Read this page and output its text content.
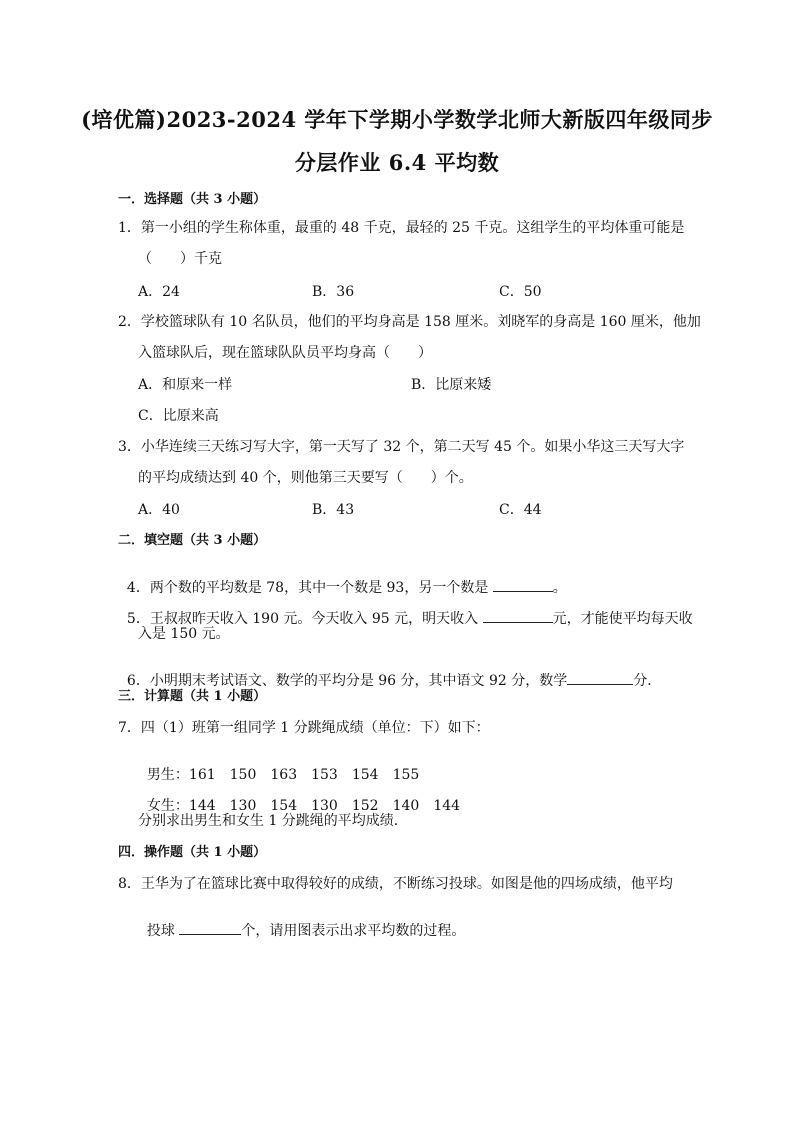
(培优篇)2023-2024 学年下学期小学数学北师大新版四年级同步
分层作业 6.4 平均数
一．选择题（共 3 小题）
1．第一小组的学生称体重，最重的 48 千克，最轻的 25 千克。这组学生的平均体重可能是
（　　）千克
A．24	B．36	C．50
2．学校篮球队有 10 名队员，他们的平均身高是 158 厘米。刘晓军的身高是 160 厘米，他加
入篮球队后，现在篮球队队员平均身高（　　）
A．和原来一样	B．比原来矮
C．比原来高
3．小华连续三天练习写大字，第一天写了 32 个，第二天写 45 个。如果小华这三天写大字
的平均成绩达到 40 个，则他第三天要写（　　）个。
A．40	B．43	C．44
二．填空题（共 3 小题）

4．两个数的平均数是 78，其中一个数是 93，另一个数是	。

5．王叔叔昨天收入 190 元。今天收入 95 元，明天收入	元，才能使平均每天收

入是 150 元。

6．小明期末考试语文、数学的平均分是 96 分，其中语文 92 分，数学	分．

三．计算题（共 1 小题）
7．四（1）班第一组同学 1 分跳绳成绩（单位：下）如下：

男生：161　 150　 163　 153　 154　 155

女生：144　 130　 154　 130　 152　 140　 144

分别求出男生和女生 1 分跳绳的平均成绩．
四．操作题（共 1 小题）
8．王华为了在篮球比赛中取得较好的成绩，不断练习投球。如图是他的四场成绩，他平均

投球	个，请用图表示出求平均数的过程。
